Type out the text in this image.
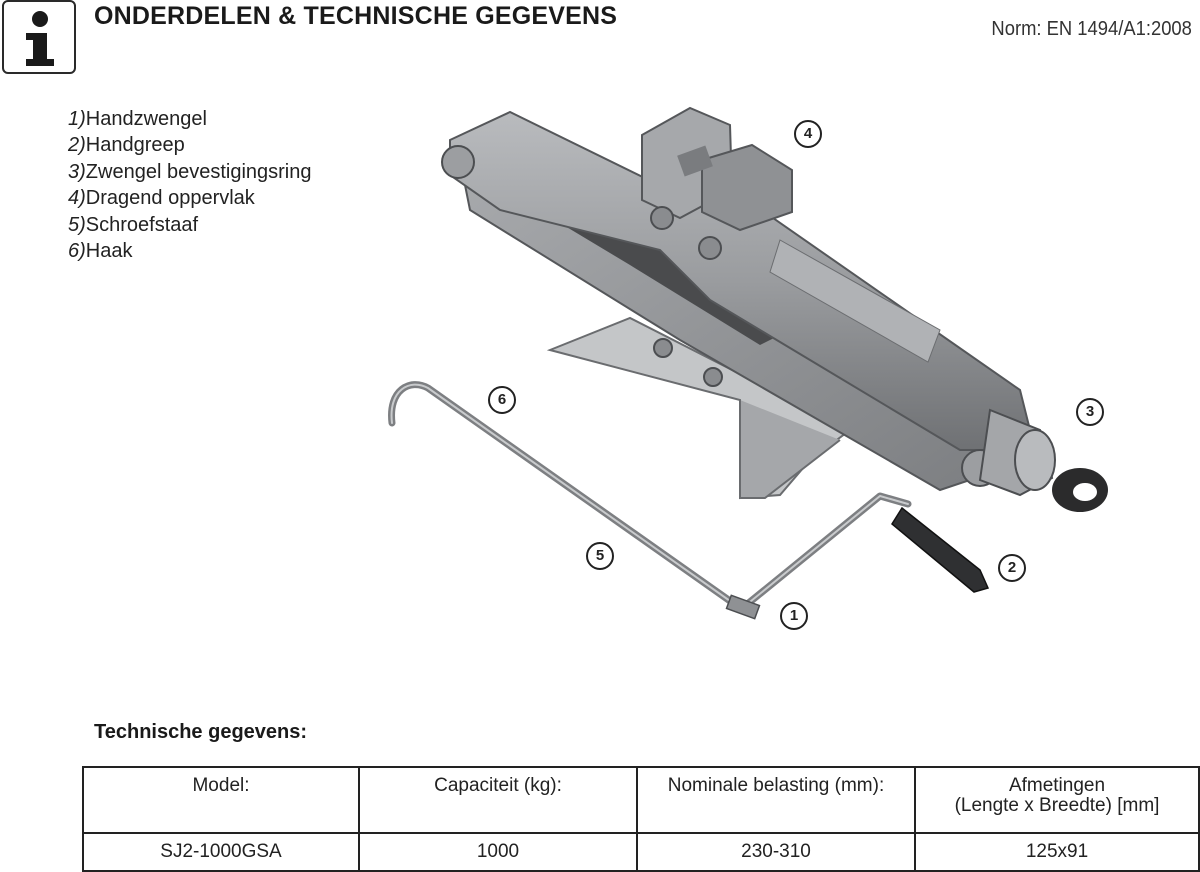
ONDERDELEN & TECHNISCHE GEGEVENS	Norm: EN 1494/A1:2008
1)Handzwengel
2)Handgreep
3)Zwengel bevestigingsring
4)Dragend oppervlak
5)Schroefstaaf
6)Haak
4
3
6
5
2
1
Technische gegevens:
Model:	Capaciteit (kg):	Nominale belasting (mm):	Afmetingen
(Lengte x Breedte) [mm]

SJ2-1000GSA	1000	230-310	125x91
